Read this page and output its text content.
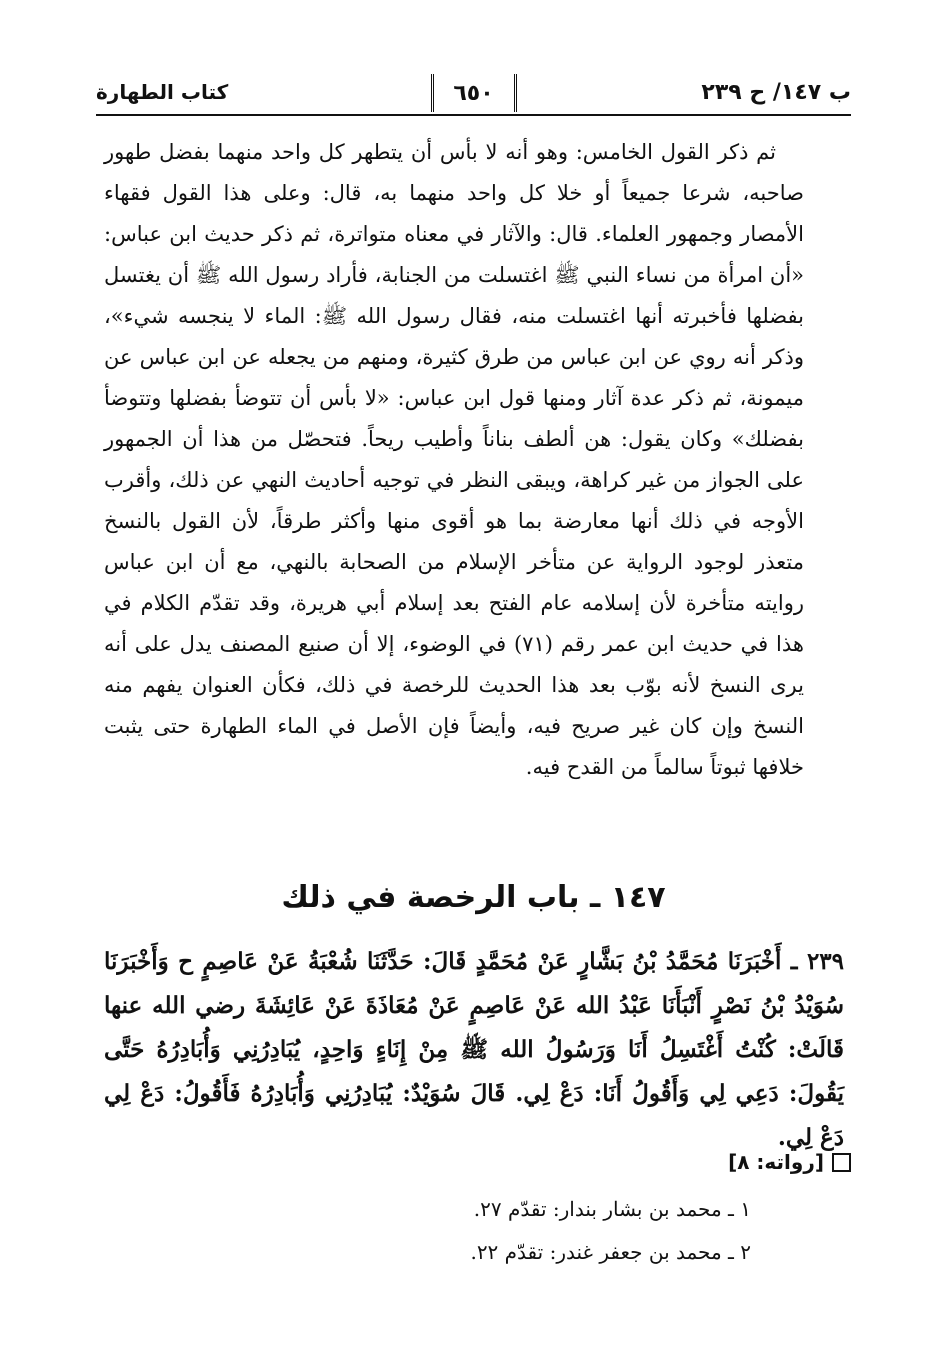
ب ١٤٧/ ح ٢٣٩
٦٥٠
كتاب الطهارة

ثم ذكر القول الخامس: وهو أنه لا بأس أن يتطهر كل واحد منهما بفضل طهور صاحبه، شرعا جميعاً أو خلا كل واحد منهما به، قال: وعلى هذا القول فقهاء الأمصار وجمهور العلماء. قال: والآثار في معناه متواترة، ثم ذكر حديث ابن عباس: «أن امرأة من نساء النبي ﷺ اغتسلت من الجنابة، فأراد رسول الله ﷺ أن يغتسل بفضلها فأخبرته أنها اغتسلت منه، فقال رسول الله ﷺ: الماء لا ينجسه شيء»، وذكر أنه روي عن ابن عباس من طرق كثيرة، ومنهم من يجعله عن ابن عباس عن ميمونة، ثم ذكر عدة آثار ومنها قول ابن عباس: «لا بأس أن تتوضأ بفضلها وتتوضأ بفضلك» وكان يقول: هن ألطف بناناً وأطيب ريحاً. فتحصّل من هذا أن الجمهور على الجواز من غير كراهة، ويبقى النظر في توجيه أحاديث النهي عن ذلك، وأقرب الأوجه في ذلك أنها معارضة بما هو أقوى منها وأكثر طرقاً، لأن القول بالنسخ متعذر لوجود الرواية عن متأخر الإسلام من الصحابة بالنهي، مع أن ابن عباس روايته متأخرة لأن إسلامه عام الفتح بعد إسلام أبي هريرة، وقد تقدّم الكلام في هذا في حديث ابن عمر رقم (٧١) في الوضوء، إلا أن صنيع المصنف يدل على أنه يرى النسخ لأنه بوّب بعد هذا الحديث للرخصة في ذلك، فكأن العنوان يفهم منه النسخ وإن كان غير صريح فيه، وأيضاً فإن الأصل في الماء الطهارة حتى يثبت خلافها ثبوتاً سالماً من القدح فيه.

١٤٧ ـ باب الرخصة في ذلك

٢٣٩ ـ أَخْبَرَنَا مُحَمَّدُ بْنُ بَشَّارٍ عَنْ مُحَمَّدٍ قَالَ: حَدَّثَنَا شُعْبَةُ عَنْ عَاصِمٍ ح وَأَخْبَرَنَا سُوَيْدُ بْنُ نَصْرٍ أَنْبَأَنَا عَبْدُ الله عَنْ عَاصِمٍ عَنْ مُعَاذَةَ عَنْ عَائِشَةَ رضي الله عنها قَالَتْ: كُنْتُ أَغْتَسِلُ أَنَا وَرَسُولُ الله ﷺ مِنْ إِنَاءٍ وَاحِدٍ، يُبَادِرُنِي وَأُبَادِرُهُ حَتَّى يَقُولَ: دَعِي لِي وَأَقُولُ أَنَا: دَعْ لِي. قَالَ سُوَيْدٌ: يُبَادِرُنِي وَأُبَادِرُهُ فَأَقُولُ: دَعْ لِي دَعْ لِي.

[رواته: ٨]
١ ـ محمد بن بشار بندار: تقدّم ٢٧.
٢ ـ محمد بن جعفر غندر: تقدّم ٢٢.
